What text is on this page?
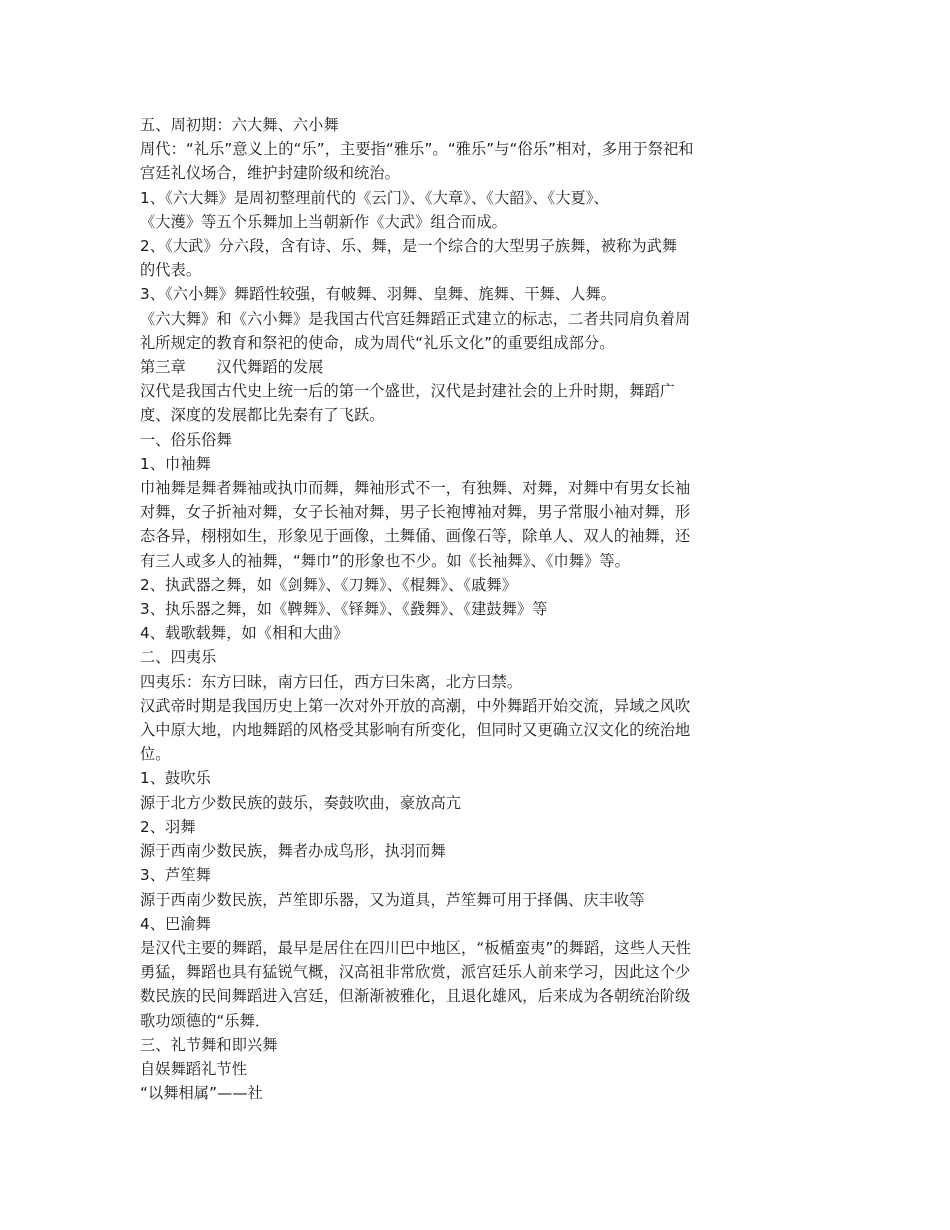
五、周初期：六大舞、六小舞
周代：“礼乐”意义上的“乐”，主要指“雅乐”。“雅乐”与“俗乐”相对，多用于祭祀和
宫廷礼仪场合，维护封建阶级和统治。
1、《六大舞》是周初整理前代的《云门》、《大章》、《大韶》、《大夏》、
《大濩》等五个乐舞加上当朝新作《大武》组合而成。
2、《大武》分六段，含有诗、乐、舞，是一个综合的大型男子族舞，被称为武舞
的代表。
3、《六小舞》舞蹈性较强，有帔舞、羽舞、皇舞、旄舞、干舞、人舞。
《六大舞》和《六小舞》是我国古代宫廷舞蹈正式建立的标志，二者共同肩负着周
礼所规定的教育和祭祀的使命，成为周代“礼乐文化”的重要组成部分。
第三章　　汉代舞蹈的发展
汉代是我国古代史上统一后的第一个盛世，汉代是封建社会的上升时期，舞蹈广
度、深度的发展都比先秦有了飞跃。
一、俗乐俗舞
1、巾袖舞
巾袖舞是舞者舞袖或执巾而舞，舞袖形式不一，有独舞、对舞，对舞中有男女长袖
对舞，女子折袖对舞，女子长袖对舞，男子长袍博袖对舞，男子常服小袖对舞，形
态各异，栩栩如生，形象见于画像，土舞俑、画像石等，除单人、双人的袖舞，还
有三人或多人的袖舞，“舞巾”的形象也不少。如《长袖舞》、《巾舞》等。
2、执武器之舞，如《剑舞》、《刀舞》、《棍舞》、《戚舞》
3、执乐器之舞，如《鞞舞》、《铎舞》、《鼗舞》、《建鼓舞》等
4、载歌载舞，如《相和大曲》
二、四夷乐
四夷乐：东方曰昧，南方曰任，西方曰朱离，北方曰禁。
汉武帝时期是我国历史上第一次对外开放的高潮，中外舞蹈开始交流，异域之风吹
入中原大地，内地舞蹈的风格受其影响有所变化，但同时又更确立汉文化的统治地
位。
1、鼓吹乐
源于北方少数民族的鼓乐，奏鼓吹曲，豪放高亢
2、羽舞
源于西南少数民族，舞者办成鸟形，执羽而舞
3、芦笙舞
源于西南少数民族，芦笙即乐器，又为道具，芦笙舞可用于择偶、庆丰收等
4、巴渝舞
是汉代主要的舞蹈，最早是居住在四川巴中地区，“板楯蛮夷”的舞蹈，这些人天性
勇猛，舞蹈也具有猛锐气概，汉高祖非常欣赏，派宫廷乐人前来学习，因此这个少
数民族的民间舞蹈进入宫廷，但渐渐被雅化，且退化雄风，后来成为各朝统治阶级
歌功颂德的“乐舞．
三、礼节舞和即兴舞
自娱舞蹈礼节性
“以舞相属”——社
